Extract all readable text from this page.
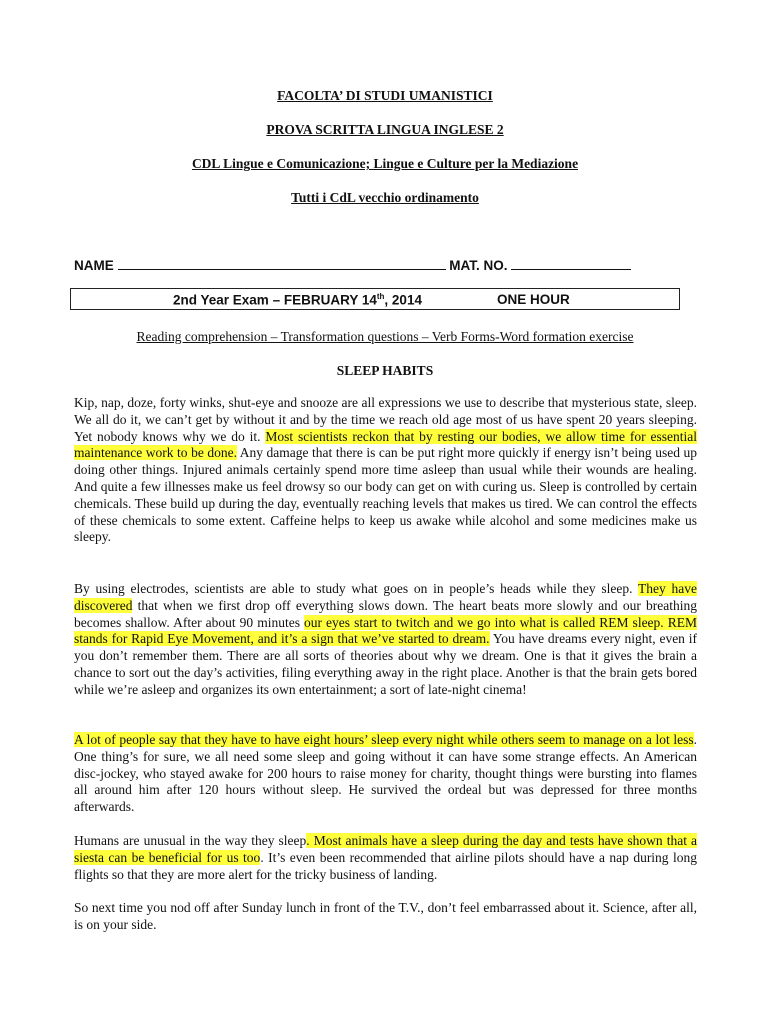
FACOLTA’ DI STUDI UMANISTICI
PROVA SCRITTA LINGUA INGLESE 2
CDL Lingue e Comunicazione; Lingue e Culture per la Mediazione
Tutti i CdL vecchio ordinamento
NAME	MAT. NO.
2nd Year Exam – FEBRUARY 14th, 2014	ONE HOUR
Reading comprehension – Transformation questions – Verb Forms-Word formation exercise
SLEEP HABITS
Kip, nap, doze, forty winks, shut-eye and snooze are all expressions we use to describe that mysterious state, sleep. We all do it, we can’t get by without it and by the time we reach old age most of us have spent 20 years sleeping. Yet nobody knows why we do it. Most scientists reckon that by resting our bodies, we allow time for essential maintenance work to be done. Any damage that there is can be put right more quickly if energy isn’t being used up doing other things. Injured animals certainly spend more time asleep than usual while their wounds are healing. And quite a few illnesses make us feel drowsy so our body can get on with curing us. Sleep is controlled by certain chemicals. These build up during the day, eventually reaching levels that makes us tired. We can control the effects of these chemicals to some extent. Caffeine helps to keep us awake while alcohol and some medicines make us sleepy.
By using electrodes, scientists are able to study what goes on in people’s heads while they sleep. They have discovered that when we first drop off everything slows down. The heart beats more slowly and our breathing becomes shallow. After about 90 minutes our eyes start to twitch and we go into what is called REM sleep. REM stands for Rapid Eye Movement, and it’s a sign that we’ve started to dream. You have dreams every night, even if you don’t remember them. There are all sorts of theories about why we dream. One is that it gives the brain a chance to sort out the day’s activities, filing everything away in the right place. Another is that the brain gets bored while we’re asleep and organizes its own entertainment; a sort of late-night cinema!
A lot of people say that they have to have eight hours’ sleep every night while others seem to manage on a lot less. One thing’s for sure, we all need some sleep and going without it can have some strange effects. An American disc-jockey, who stayed awake for 200 hours to raise money for charity, thought things were bursting into flames all around him after 120 hours without sleep. He survived the ordeal but was depressed for three months afterwards.
Humans are unusual in the way they sleep. Most animals have a sleep during the day and tests have shown that a siesta can be beneficial for us too. It’s even been recommended that airline pilots should have a nap during long flights so that they are more alert for the tricky business of landing.
So next time you nod off after Sunday lunch in front of the T.V., don’t feel embarrassed about it. Science, after all, is on your side.
